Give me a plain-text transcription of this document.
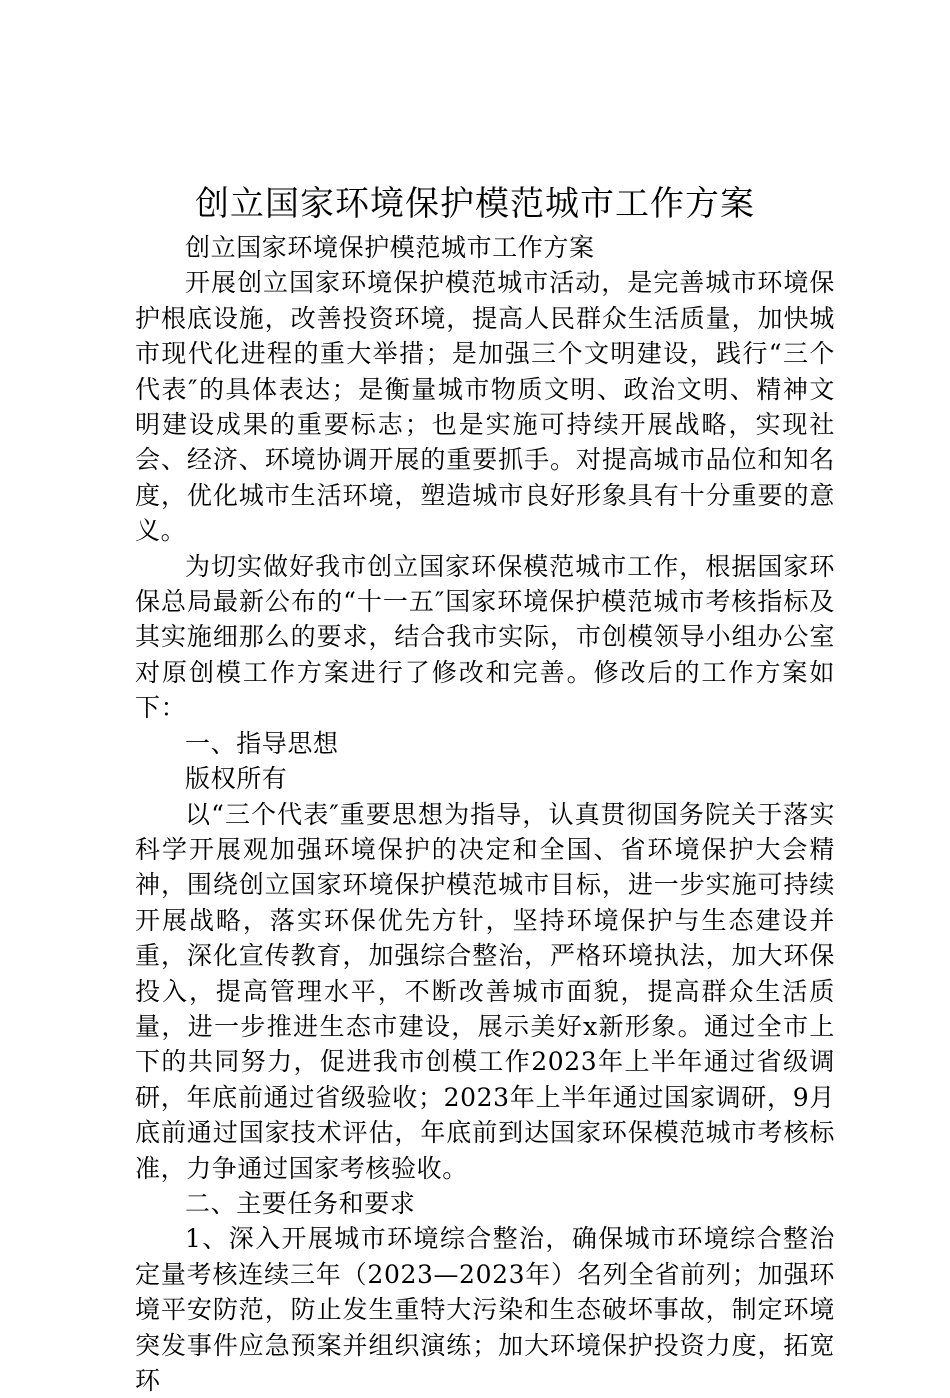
创立国家环境保护模范城市工作方案

创立国家环境保护模范城市工作方案

开展创立国家环境保护模范城市活动，是完善城市环境保护根底设施，改善投资环境，提高人民群众生活质量，加快城市现代化进程的重大举措；是加强三个文明建设，践行“三个代表″的具体表达；是衡量城市物质文明、政治文明、精神文明建设成果的重要标志；也是实施可持续开展战略，实现社会、经济、环境协调开展的重要抓手。对提高城市品位和知名度，优化城市生活环境，塑造城市良好形象具有十分重要的意义。

为切实做好我市创立国家环保模范城市工作，根据国家环保总局最新公布的“十一五″国家环境保护模范城市考核指标及其实施细那么的要求，结合我市实际，市创模领导小组办公室对原创模工作方案进行了修改和完善。修改后的工作方案如下：

一、指导思想

版权所有

以“三个代表″重要思想为指导，认真贯彻国务院关于落实科学开展观加强环境保护的决定和全国、省环境保护大会精神，围绕创立国家环境保护模范城市目标，进一步实施可持续开展战略，落实环保优先方针，坚持环境保护与生态建设并重，深化宣传教育，加强综合整治，严格环境执法，加大环保投入，提高管理水平，不断改善城市面貌，提高群众生活质量，进一步推进生态市建设，展示美好x新形象。通过全市上下的共同努力，促进我市创模工作2023年上半年通过省级调研，年底前通过省级验收；2023年上半年通过国家调研，9月底前通过国家技术评估，年底前到达国家环保模范城市考核标准，力争通过国家考核验收。

二、主要任务和要求

1、深入开展城市环境综合整治，确保城市环境综合整治定量考核连续三年（2023—2023年）名列全省前列；加强环境平安防范，防止发生重特大污染和生态破坏事故，制定环境突发事件应急预案并组织演练；加大环境保护投资力度，拓宽环
